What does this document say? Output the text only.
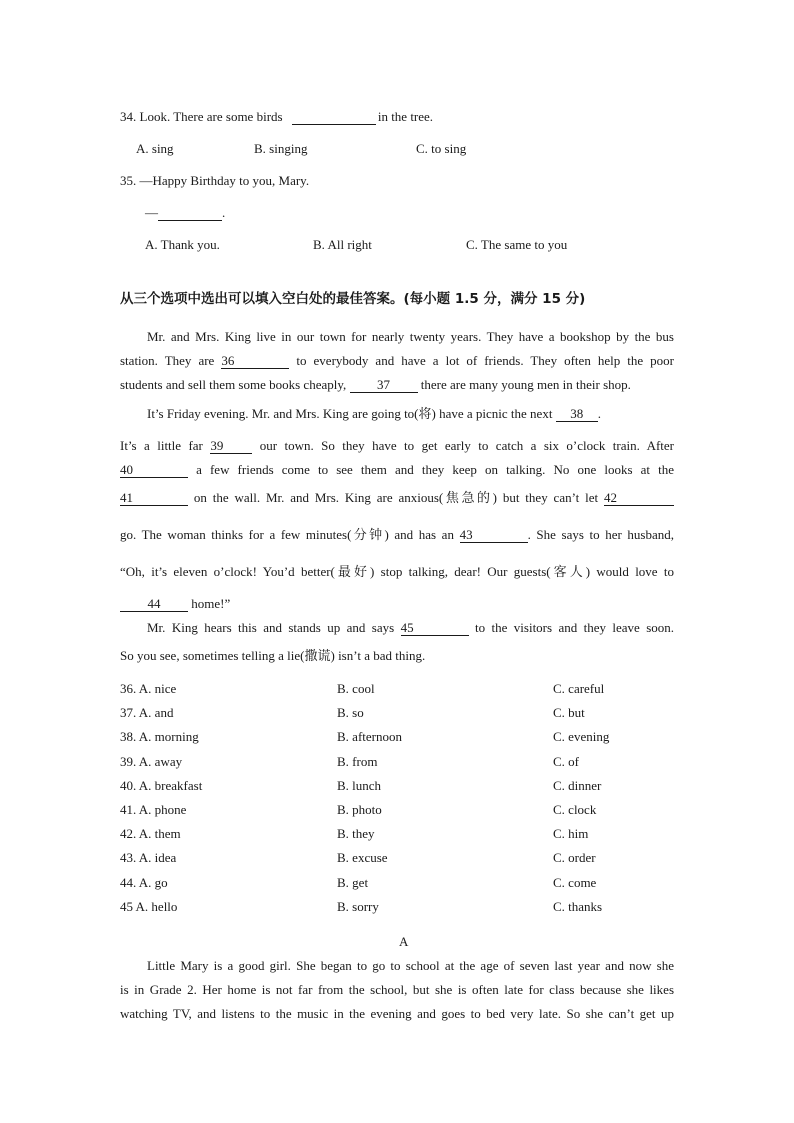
34. Look. There are some birds	in the tree.
A. sing	B. singing	C. to sing
35. —Happy Birthday to you, Mary.
—	.
A. Thank you.	B. All right	C. The same to you
从三个选项中选出可以填入空白处的最佳答案。(每小题 1.5 分，满分 15 分)
Mr. and Mrs. King live in our town for nearly twenty years. They have a bookshop by the bus
station. They are 36	to everybody and have a lot of friends. They often help the poor
students and sell them some books cheaply, 37 there are many young men in their shop.
It’s Friday evening. Mr. and Mrs. King are going to(将) have a picnic the next 38 .
It’s a little far 39	our town. So they have to get early to catch a six o’clock train. After
40	a few friends come to see them and they keep on talking. No one looks at the
41	on the wall. Mr. and Mrs. King are anxious(焦急的) but they can’t let 42
go. The woman thinks for a few minutes(分钟) and has an 43	. She says to her husband,
“Oh, it’s eleven o’clock! You’d better(最好) stop talking, dear! Our guests(客人) would love to
44 home!”
Mr. King hears this and stands up and says 45	to the visitors and they leave soon.
So you see, sometimes telling a lie(撒谎) isn’t a bad thing.
36. A. nice	B. cool	C. careful
37. A. and	B. so	C. but
38. A. morning	B. afternoon	C. evening
39. A. away	B. from	C. of
40. A. breakfast	B. lunch	C. dinner
41. A. phone	B. photo	C. clock
42. A. them	B. they	C. him
43. A. idea	B. excuse	C. order
44. A. go	B. get	C. come
45 A. hello	B. sorry	C. thanks
A
Little Mary is a good girl. She began to go to school at the age of seven last year and now she
is in Grade 2. Her home is not far from the school, but she is often late for class because she likes
watching TV, and listens to the music in the evening and goes to bed very late. So she can’t get up
